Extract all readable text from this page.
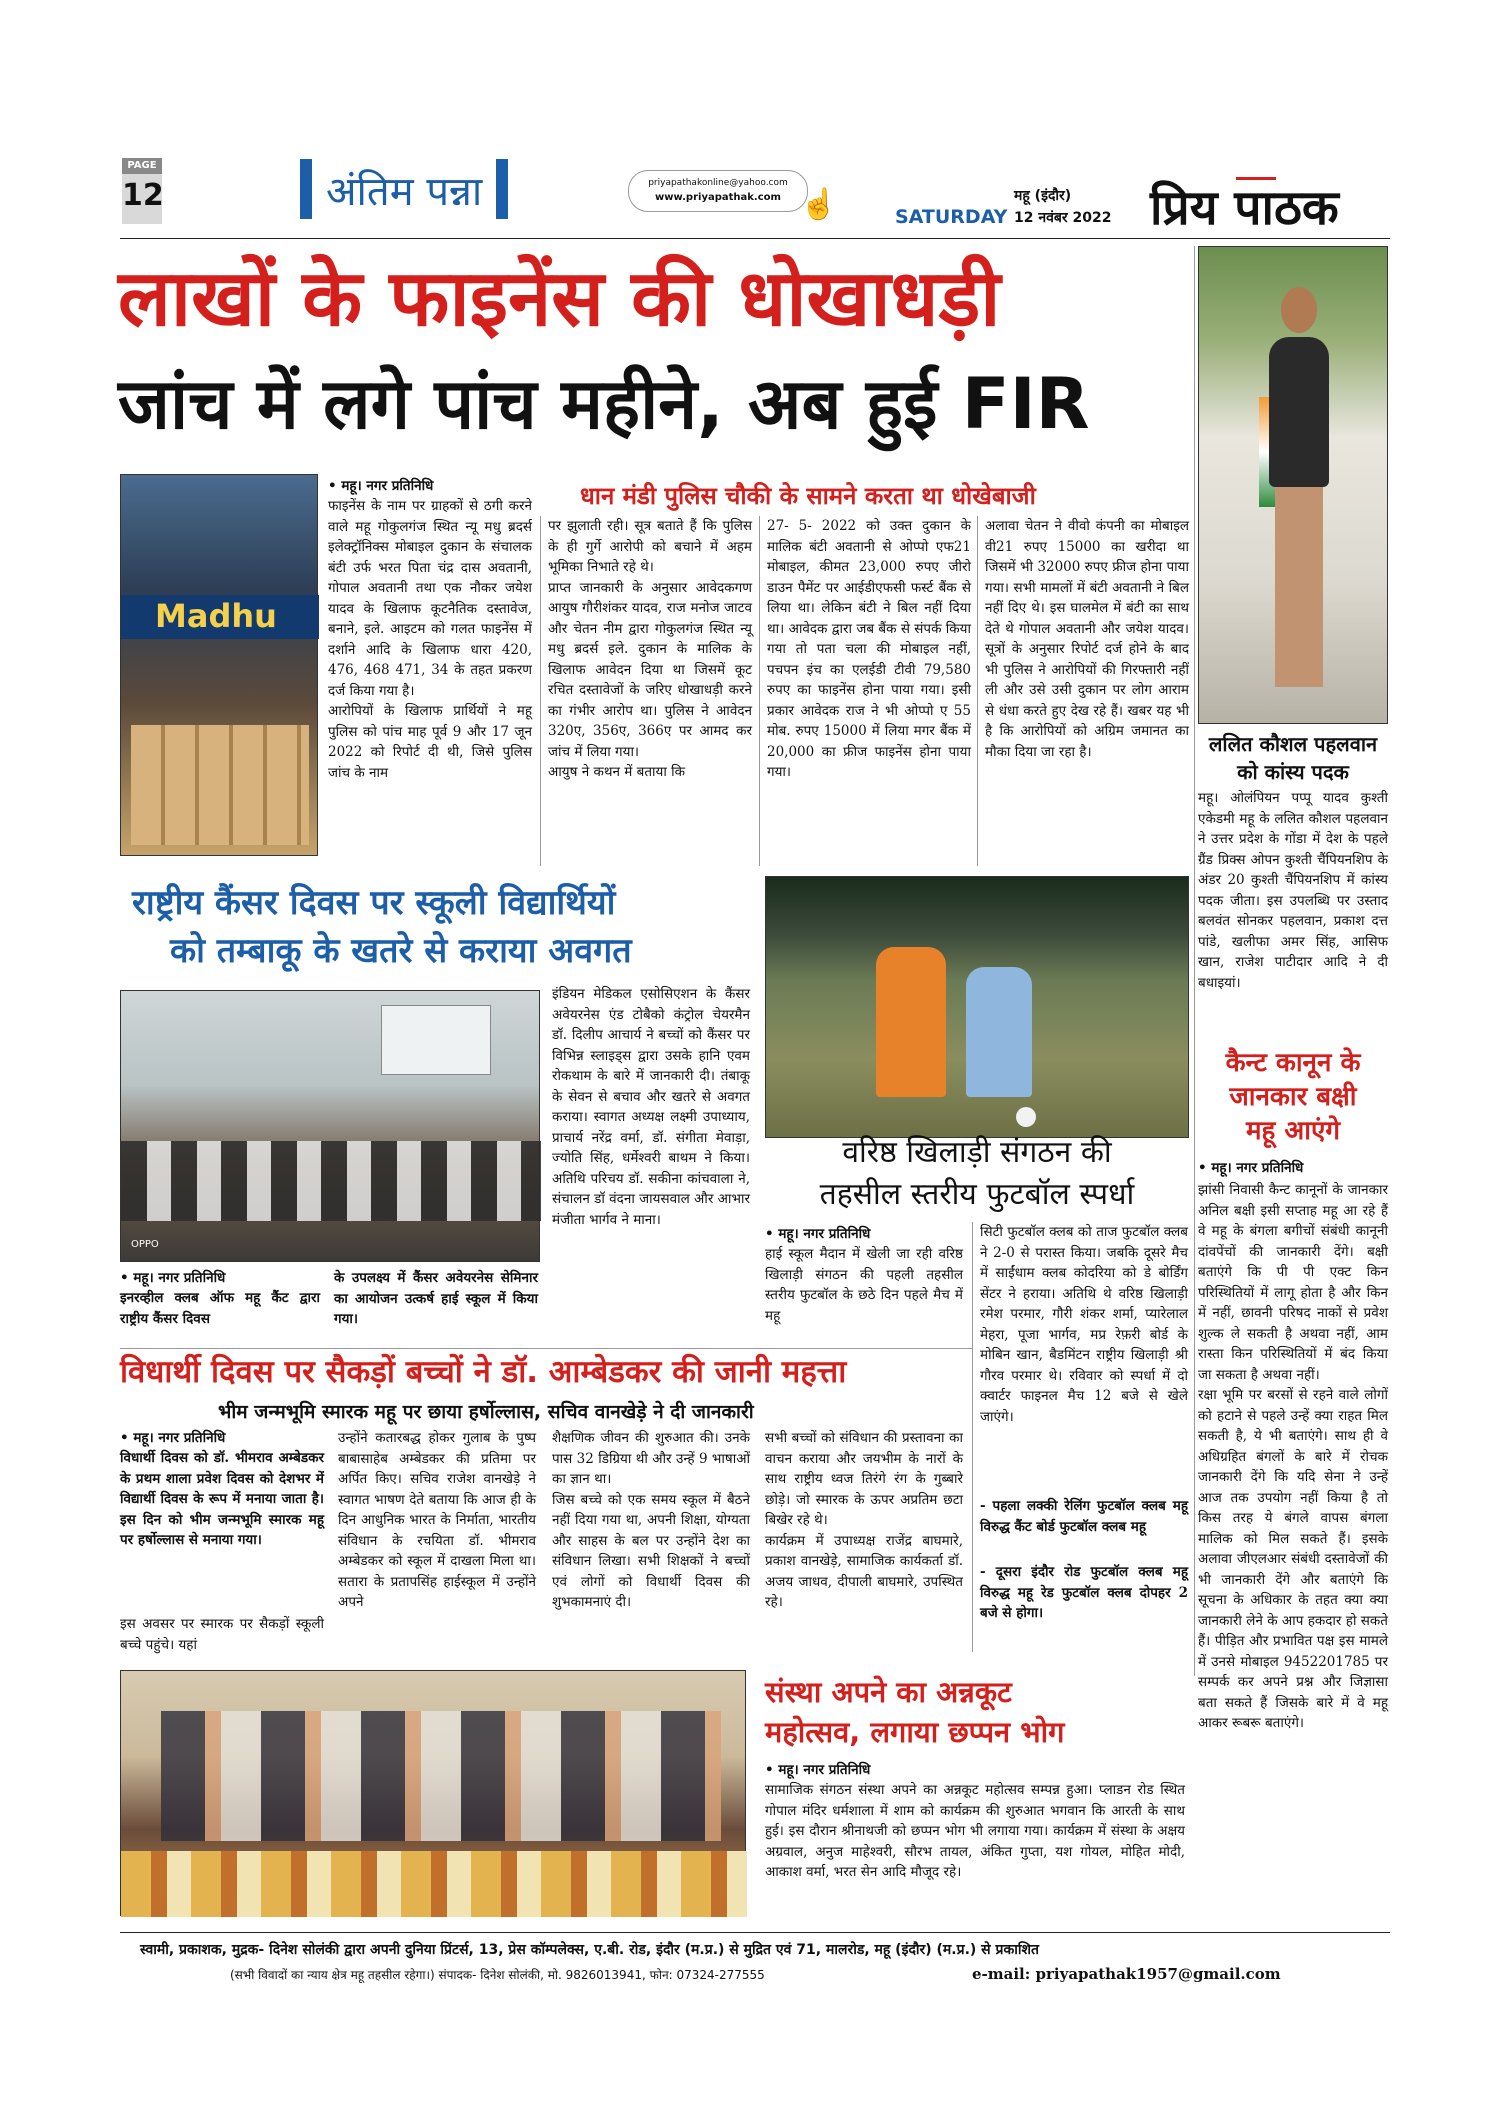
PAGE
12	अंतिम पन्ना	priyapathakonline@yahoo.com
www.priyapathak.com ☝	SATURDAY
महू (इंदौर)
12 नवंबर 2022 प्रिय पाठक
लाखों के फाइनेंस की धोखाधड़ी
जांच में लगे पांच महीने, अब हुई FIR
ललित कौशल पहलवान
को कांस्य पदक
महू। ओलंपियन पप्पू यादव कुश्ती एकेडमी महू के ललित कौशल पहलवान ने उत्तर प्रदेश के गोंडा में देश के पहले ग्रैंड प्रिक्स ओपन कुश्ती चैंपियनशिप के अंडर 20 कुश्ती चैंपियनशिप में कांस्य पदक जीता। इस उपलब्धि पर उस्ताद बलवंत सोनकर पहलवान, प्रकाश दत्त पांडे, खलीफा अमर सिंह, आसिफ खान, राजेश पाटीदार आदि ने दी बधाइयां।
धान मंडी पुलिस चौकी के सामने करता था धोखेबाजी
Madhu
• महू। नगर प्रतिनिधि
फाइनेंस के नाम पर ग्राहकों से ठगी करने वाले महू गोकुलगंज स्थित न्यू मधु ब्रदर्स इलेक्ट्रॉनिक्स मोबाइल दुकान के संचालक बंटी उर्फ भरत पिता चंद्र दास अवतानी, गोपाल अवतानी तथा एक नौकर जयेश यादव के खिलाफ कूटनैतिक दस्तावेज, बनाने, इले. आइटम को गलत फाइनेंस में दर्शाने आदि के खिलाफ धारा 420, 476, 468 471, 34 के तहत प्रकरण दर्ज किया गया है।
आरोपियों के खिलाफ प्रार्थियों ने महू पुलिस को पांच माह पूर्व 9 और 17 जून 2022 को रिपोर्ट दी थी, जिसे पुलिस जांच के नाम
पर झुलाती रही। सूत्र बताते हैं कि पुलिस के ही गुर्गे आरोपी को बचाने में अहम भूमिका निभाते रहे थे।
प्राप्त जानकारी के अनुसार आवेदकगण आयुष गौरीशंकर यादव, राज मनोज जाटव और चेतन नीम द्वारा गोकुलगंज स्थित न्यू मधु ब्रदर्स इले. दुकान के मालिक के खिलाफ आवेदन दिया था जिसमें कूट रचित दस्तावेजों के जरिए धोखाधड़ी करने का गंभीर आरोप था। पुलिस ने आवेदन 320ए, 356ए, 366ए पर आमद कर जांच में लिया गया।
आयुष ने कथन में बताया कि
27- 5- 2022 को उक्त दुकान के मालिक बंटी अवतानी से ओप्पो एफ21 मोबाइल, कीमत 23,000 रुपए जीरो डाउन पैमेंट पर आईडीएफसी फर्स्ट बैंक से लिया था। लेकिन बंटी ने बिल नहीं दिया था। आवेदक द्वारा जब बैंक से संपर्क किया गया तो पता चला की मोबाइल नहीं, पचपन इंच का एलईडी टीवी 79,580 रुपए का फाइनेंस होना पाया गया। इसी प्रकार आवेदक राज ने भी ओप्पो ए 55 मोब. रुपए 15000 में लिया मगर बैंक में 20,000 का फ्रीज फाइनेंस होना पाया गया।
अलावा चेतन ने वीवो कंपनी का मोबाइल वी21 रुपए 15000 का खरीदा था जिसमें भी 32000 रुपए फ्रीज होना पाया गया। सभी मामलों में बंटी अवतानी ने बिल नहीं दिए थे। इस घालमेल में बंटी का साथ देते थे गोपाल अवतानी और जयेश यादव। सूत्रों के अनुसार रिपोर्ट दर्ज होने के बाद भी पुलिस ने आरोपियों की गिरफ्तारी नहीं ली और उसे उसी दुकान पर लोग आराम से धंधा करते हुए देख रहे हैं। खबर यह भी है कि आरोपियों को अग्रिम जमानत का मौका दिया जा रहा है।
राष्ट्रीय कैंसर दिवस पर स्कूली विद्यार्थियों
को तम्बाकू के खतरे से कराया अवगत
OPPO
• महू। नगर प्रतिनिधि
इनरव्हील क्लब ऑफ महू कैंट द्वारा राष्ट्रीय कैंसर दिवस
के उपलक्ष्य में कैंसर अवेयरनेस सेमिनार का आयोजन उत्कर्ष हाई स्कूल में किया गया।
इंडियन मेडिकल एसोसिएशन के कैंसर अवेयरनेस एंड टोबैको कंट्रोल चेयरमैन डॉ. दिलीप आचार्य ने बच्चों को कैंसर पर विभिन्न स्लाइड्स द्वारा उसके हानि एवम रोकथाम के बारे में जानकारी दी। तंबाकू के सेवन से बचाव और खतरे से अवगत कराया। स्वागत अध्यक्ष लक्ष्मी उपाध्याय, प्राचार्य नरेंद्र वर्मा, डॉ. संगीता मेवाड़ा, ज्योति सिंह, धर्मेश्वरी बाथम ने किया। अतिथि परिचय डॉ. सकीना कांचवाला ने, संचालन डॉ वंदना जायसवाल और आभार मंजीता भार्गव ने माना।
वरिष्ठ खिलाड़ी संगठन की
तहसील स्तरीय फुटबॉल स्पर्धा
• महू। नगर प्रतिनिधि
हाई स्कूल मैदान में खेली जा रही वरिष्ठ खिलाड़ी संगठन की पहली तहसील स्तरीय फुटबॉल के छठे दिन पहले मैच में महू
सिटी फुटबॉल क्लब को ताज फुटबॉल क्लब ने 2-0 से परास्त किया। जबकि दूसरे मैच में साईंधाम क्लब कोदरिया को डे बोर्डिंग सेंटर ने हराया। अतिथि थे वरिष्ठ खिलाड़ी रमेश परमार, गौरी शंकर शर्मा, प्यारेलाल मेहरा, पूजा भार्गव, मप्र रेफ़री बोर्ड के मोबिन खान, बैडमिंटन राष्ट्रीय खिलाड़ी श्री गौरव परमार थे। रविवार को स्पर्धा में दो क्वार्टर फाइनल मैच 12 बजे से खेले जाएंगे।
- पहला लक्की रेलिंग फुटबॉल क्लब महू विरुद्ध कैंट बोर्ड फुटबॉल क्लब महू
- दूसरा इंदौर रोड फुटबॉल क्लब महू विरुद्ध महू रेड फुटबॉल क्लब दोपहर 2 बजे से होगा।
कैन्ट कानून के
जानकार बक्षी
महू आएंगे
• महू। नगर प्रतिनिधि
झांसी निवासी कैन्ट कानूनों के जानकार अनिल बक्षी इसी सप्ताह महू आ रहे हैं वे महू के बंगला बगीचों संबंधी कानूनी दांवपेंचों की जानकारी देंगे। बक्षी बताएंगे कि पी पी एक्ट किन परिस्थितियों में लागू होता है और किन में नहीं, छावनी परिषद नाकों से प्रवेश शुल्क ले सकती है अथवा नहीं, आम रास्ता किन परिस्थितियों में बंद किया जा सकता है अथवा नहीं।
रक्षा भूमि पर बरसों से रहने वाले लोगों को हटाने से पहले उन्हें क्या राहत मिल सकती है, ये भी बताएंगे। साथ ही वे अधिग्रहित बंगलों के बारे में रोचक जानकारी देंगे कि यदि सेना ने उन्हें आज तक उपयोग नहीं किया है तो किस तरह ये बंगले वापस बंगला मालिक को मिल सकते हैं। इसके अलावा जीएलआर संबंधी दस्तावेजों की भी जानकारी देंगे और बताएंगे कि सूचना के अधिकार के तहत क्या क्या जानकारी लेने के आप हकदार हो सकते हैं। पीड़ित और प्रभावित पक्ष इस मामले में उनसे मोबाइल 9452201785 पर सम्पर्क कर अपने प्रश्न और जिज्ञासा बता सकते हैं जिसके बारे में वे महू आकर रूबरू बताएंगे।
विधार्थी दिवस पर सैकड़ों बच्चों ने डॉ. आम्बेडकर की जानी महत्ता
भीम जन्मभूमि स्मारक महू पर छाया हर्षोल्लास, सचिव वानखेड़े ने दी जानकारी
• महू। नगर प्रतिनिधि
विधार्थी दिवस को डॉ. भीमराव अम्बेडकर के प्रथम शाला प्रवेश दिवस को देशभर में विद्यार्थी दिवस के रूप में मनाया जाता है। इस दिन को भीम जन्मभूमि स्मारक महू पर हर्षोल्लास से मनाया गया।
इस अवसर पर स्मारक पर सैकड़ों स्कूली बच्चे पहुंचे। यहां
उन्होंने कतारबद्ध होकर गुलाब के पुष्प बाबासाहेब अम्बेडकर की प्रतिमा पर अर्पित किए। सचिव राजेश वानखेड़े ने स्वागत भाषण देते बताया कि आज ही के दिन आधुनिक भारत के निर्माता, भारतीय संविधान के रचयिता डॉ. भीमराव अम्बेडकर को स्कूल में दाखला मिला था। सतारा के प्रतापसिंह हाईस्कूल में उन्होंने अपने
शैक्षणिक जीवन की शुरुआत की। उनके पास 32 डिग्रिया थी और उन्हें 9 भाषाओं का ज्ञान था।
जिस बच्चे को एक समय स्कूल में बैठने नहीं दिया गया था, अपनी शिक्षा, योग्यता और साहस के बल पर उन्होंने देश का संविधान लिखा। सभी शिक्षकों ने बच्चों एवं लोगों को विधार्थी दिवस की शुभकामनाएं दी।
सभी बच्चों को संविधान की प्रस्तावना का वाचन कराया और जयभीम के नारों के साथ राष्ट्रीय ध्वज तिरंगे रंग के गुब्बारे छोड़े। जो स्मारक के ऊपर अप्रतिम छटा बिखेर रहे थे।
कार्यक्रम में उपाध्यक्ष राजेंद्र बाघमारे, प्रकाश वानखेड़े, सामाजिक कार्यकर्ता डॉ. अजय जाधव, दीपाली बाघमारे, उपस्थित रहे।
संस्था अपने का अन्नकूट
महोत्सव, लगाया छप्पन भोग
• महू। नगर प्रतिनिधि
सामाजिक संगठन संस्था अपने का अन्नकूट महोत्सव सम्पन्न हुआ। प्लाडन रोड स्थित गोपाल मंदिर धर्मशाला में शाम को कार्यक्रम की शुरुआत भगवान कि आरती के साथ हुई। इस दौरान श्रीनाथजी को छप्पन भोग भी लगाया गया। कार्यक्रम में संस्था के अक्षय अग्रवाल, अनुज माहेश्वरी, सौरभ तायल, अंकित गुप्ता, यश गोयल, मोहित मोदी, आकाश वर्मा, भरत सेन आदि मौजूद रहे।
स्वामी, प्रकाशक, मुद्रक- दिनेश सोलंकी द्वारा अपनी दुनिया प्रिंटर्स, 13, प्रेस कॉम्पलेक्स, ए.बी. रोड, इंदौर (म.प्र.) से मुद्रित एवं 71, मालरोड, महू (इंदौर) (म.प्र.) से प्रकाशित
(सभी विवादों का न्याय क्षेत्र महू तहसील रहेगा।) संपादक- दिनेश सोलंकी, मो. 9826013941, फोन: 07324-277555	e-mail: priyapathak1957@gmail.com
